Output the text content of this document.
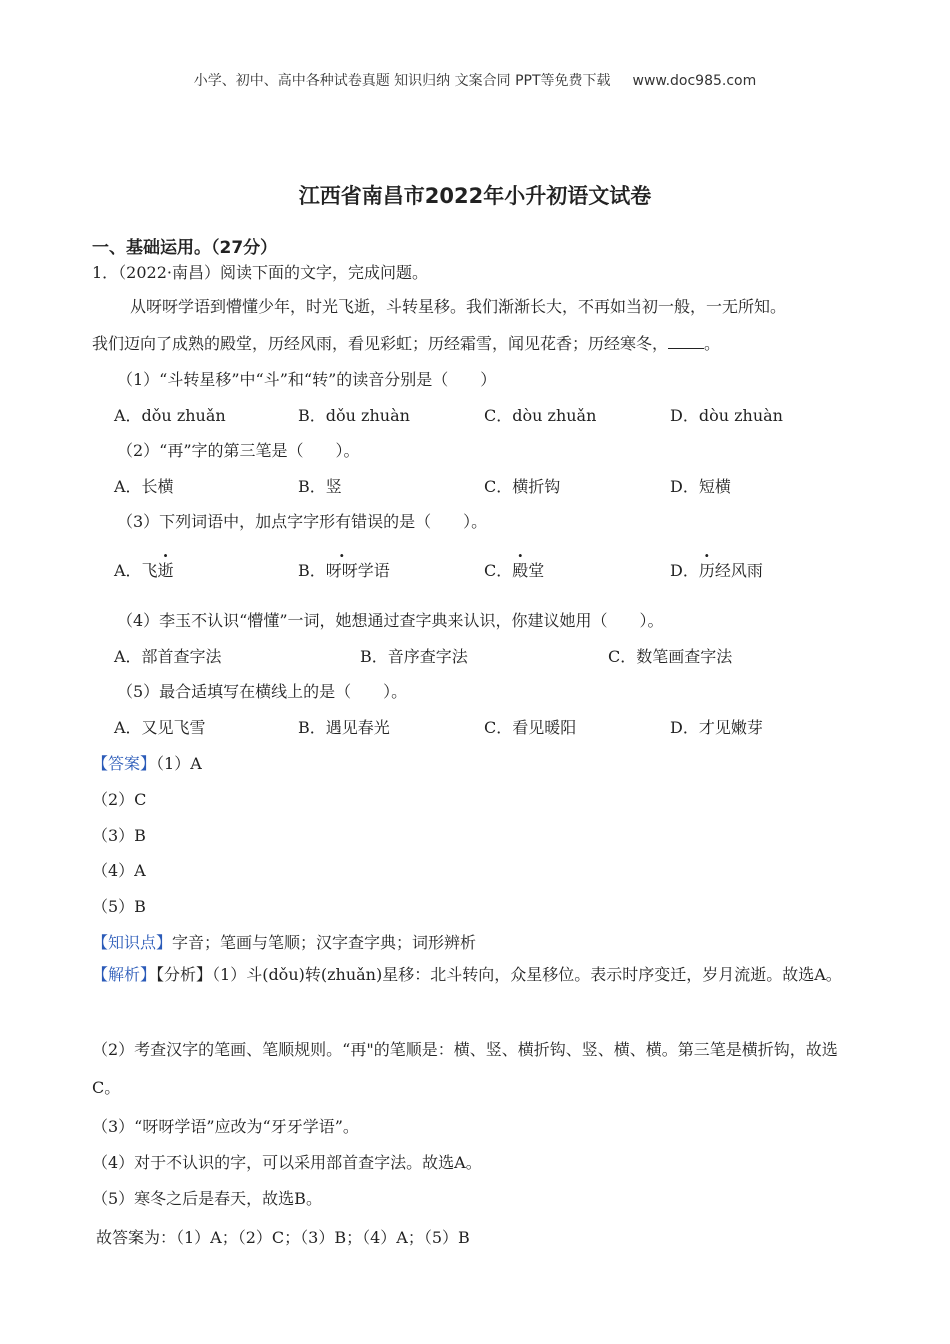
小学、初中、高中各种试卷真题 知识归纳 文案合同 PPT等免费下载 www.doc985.com
江西省南昌市2022年小升初语文试卷
一、基础运用。（27分）
1．（2022·南昌）阅读下面的文字，完成问题。
从呀呀学语到懵懂少年，时光飞逝，斗转星移。我们渐渐长大，不再如当初一般，一无所知。
我们迈向了成熟的殿堂，历经风雨，看见彩虹；历经霜雪，闻见花香；历经寒冬， 。
（1）“斗转星移”中“斗”和“转”的读音分别是（　　）
A．dǒu zhuǎn	B．dǒu zhuàn	C．dòu zhuǎn	D．dòu zhuàn
（2）“再”字的第三笔是（　　）。
A．长横	B．竖	C．横折钩	D．短横
（3）下列词语中，加点字字形有错误的是（　　）。
A．飞逝	B．呀呀学语	C．殿堂	D．历经风雨
（4）李玉不认识“懵懂”一词，她想通过查字典来认识，你建议她用（　　）。
A．部首查字法	B．音序查字法	C．数笔画查字法
（5）最合适填写在横线上的是（　　）。
A．又见飞雪	B．遇见春光	C．看见暖阳	D．才见嫩芽
【答案】（1）A
（2）C
（3）B
（4）A
（5）B
【知识点】字音；笔画与笔顺；汉字查字典；词形辨析
【解析】【分析】（1）斗(dǒu)转(zhuǎn)星移：北斗转向，众星移位。表示时序变迁，岁月流逝。故选A。
（2）考查汉字的笔画、笔顺规则。“再"的笔顺是：横、竖、横折钩、竖、横、横。第三笔是横折钩，故选C。
（3）“呀呀学语”应改为“牙牙学语”。
（4）对于不认识的字，可以采用部首查字法。故选A。
（5）寒冬之后是春天，故选B。
故答案为：（1）A；（2）C；（3）B；（4）A；（5）B
